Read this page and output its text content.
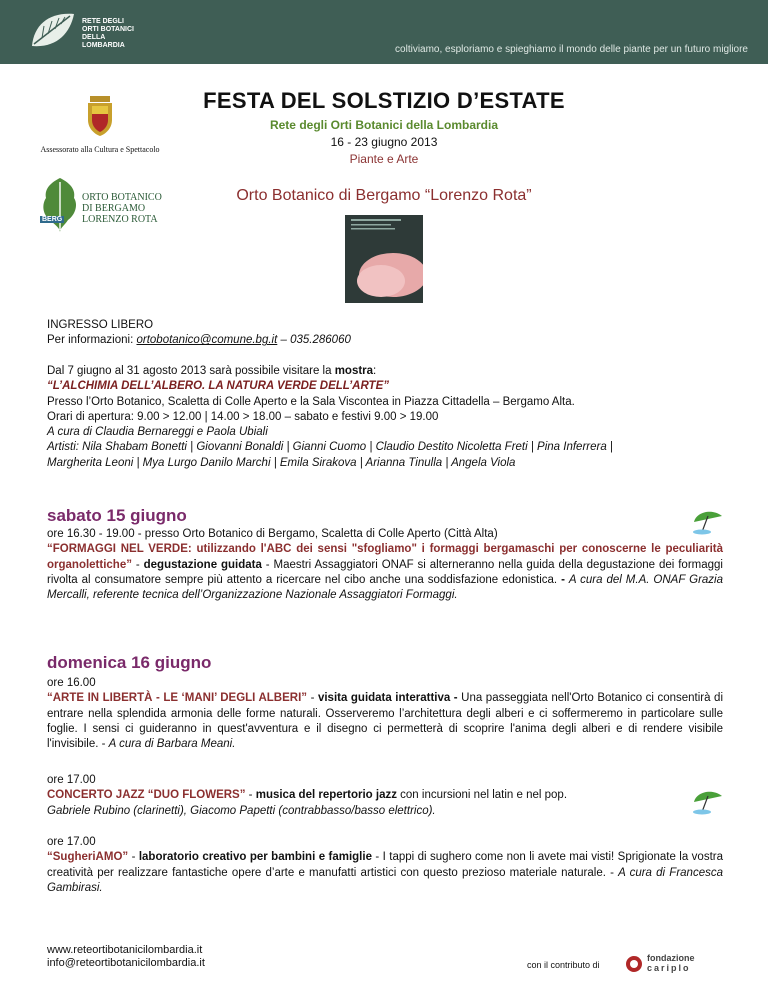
RETE DEGLI
ORTI BOTANICI
DELLA
LOMBARDIA	coltiviamo, esploriamo e spieghiamo il mondo delle piante per un futuro migliore
Assessorato alla Cultura e Spettacolo
BERG
ORTO BOTANICO
DI BERGAMO
LORENZO ROTA
FESTA DEL SOLSTIZIO D’ESTATE
Rete degli Orti Botanici della Lombardia
16 - 23 giugno 2013
Piante e Arte
Orto Botanico di Bergamo “Lorenzo Rota”
INGRESSO LIBERO
Per informazioni: ortobotanico@comune.bg.it – 035.286060
Dal 7 giugno al 31 agosto 2013 sarà possibile visitare la mostra:
“L’ALCHIMIA DELL’ALBERO. LA NATURA VERDE DELL’ARTE”
Presso l’Orto Botanico, Scaletta di Colle Aperto e la Sala Viscontea in Piazza Cittadella – Bergamo Alta.
Orari di apertura: 9.00 > 12.00 | 14.00 > 18.00 – sabato e festivi 9.00 > 19.00
A cura di Claudia Bernareggi e Paola Ubiali
Artisti: Nila Shabam Bonetti | Giovanni Bonaldi | Gianni Cuomo | Claudio Destito Nicoletta Freti | Pina Inferrera |
Margherita Leoni | Mya Lurgo Danilo Marchi | Emila Sirakova | Arianna Tinulla | Angela Viola
sabato 15 giugno
ore 16.30 - 19.00 - presso Orto Botanico di Bergamo, Scaletta di Colle Aperto (Città Alta)
“FORMAGGI NEL VERDE: utilizzando l'ABC dei sensi "sfogliamo" i formaggi bergamaschi per conoscerne le peculiarità organolettiche” - degustazione guidata - Maestri Assaggiatori ONAF si alterneranno nella guida della degustazione dei formaggi rivolta al consumatore sempre più attento a ricercare nel cibo anche una soddisfazione edonistica. - A cura del M.A. ONAF Grazia Mercalli, referente tecnica dell’Organizzazione Nazionale Assaggiatori Formaggi.
domenica 16 giugno
ore 16.00
“ARTE IN LIBERTÀ - LE ‘MANI’ DEGLI ALBERI” - visita guidata interattiva - Una passeggiata nell'Orto Botanico ci consentirà di entrare nella splendida armonia delle forme naturali. Osserveremo l’architettura degli alberi e ci soffermeremo in particolare sulle foglie. I sensi ci guideranno in quest'avventura e il disegno ci permetterà di scoprire l'anima degli alberi e di rendere visibile l'invisibile. - A cura di Barbara Meani.
ore 17.00
CONCERTO JAZZ “DUO FLOWERS” - musica del repertorio jazz con incursioni nel latin e nel pop.
Gabriele Rubino (clarinetti), Giacomo Papetti (contrabbasso/basso elettrico).
ore 17.00
“SugheriAMO” - laboratorio creativo per bambini e famiglie - I tappi di sughero come non li avete mai visti! Sprigionate la vostra creatività per realizzare fantastiche opere d’arte e manufatti artistici con questo prezioso materiale naturale. - A cura di Francesca Gambirasi.
www.reteortibotanicilombardia.it
info@reteortibotanicilombardia.it	con il contributo di
fondazione
cariplo
